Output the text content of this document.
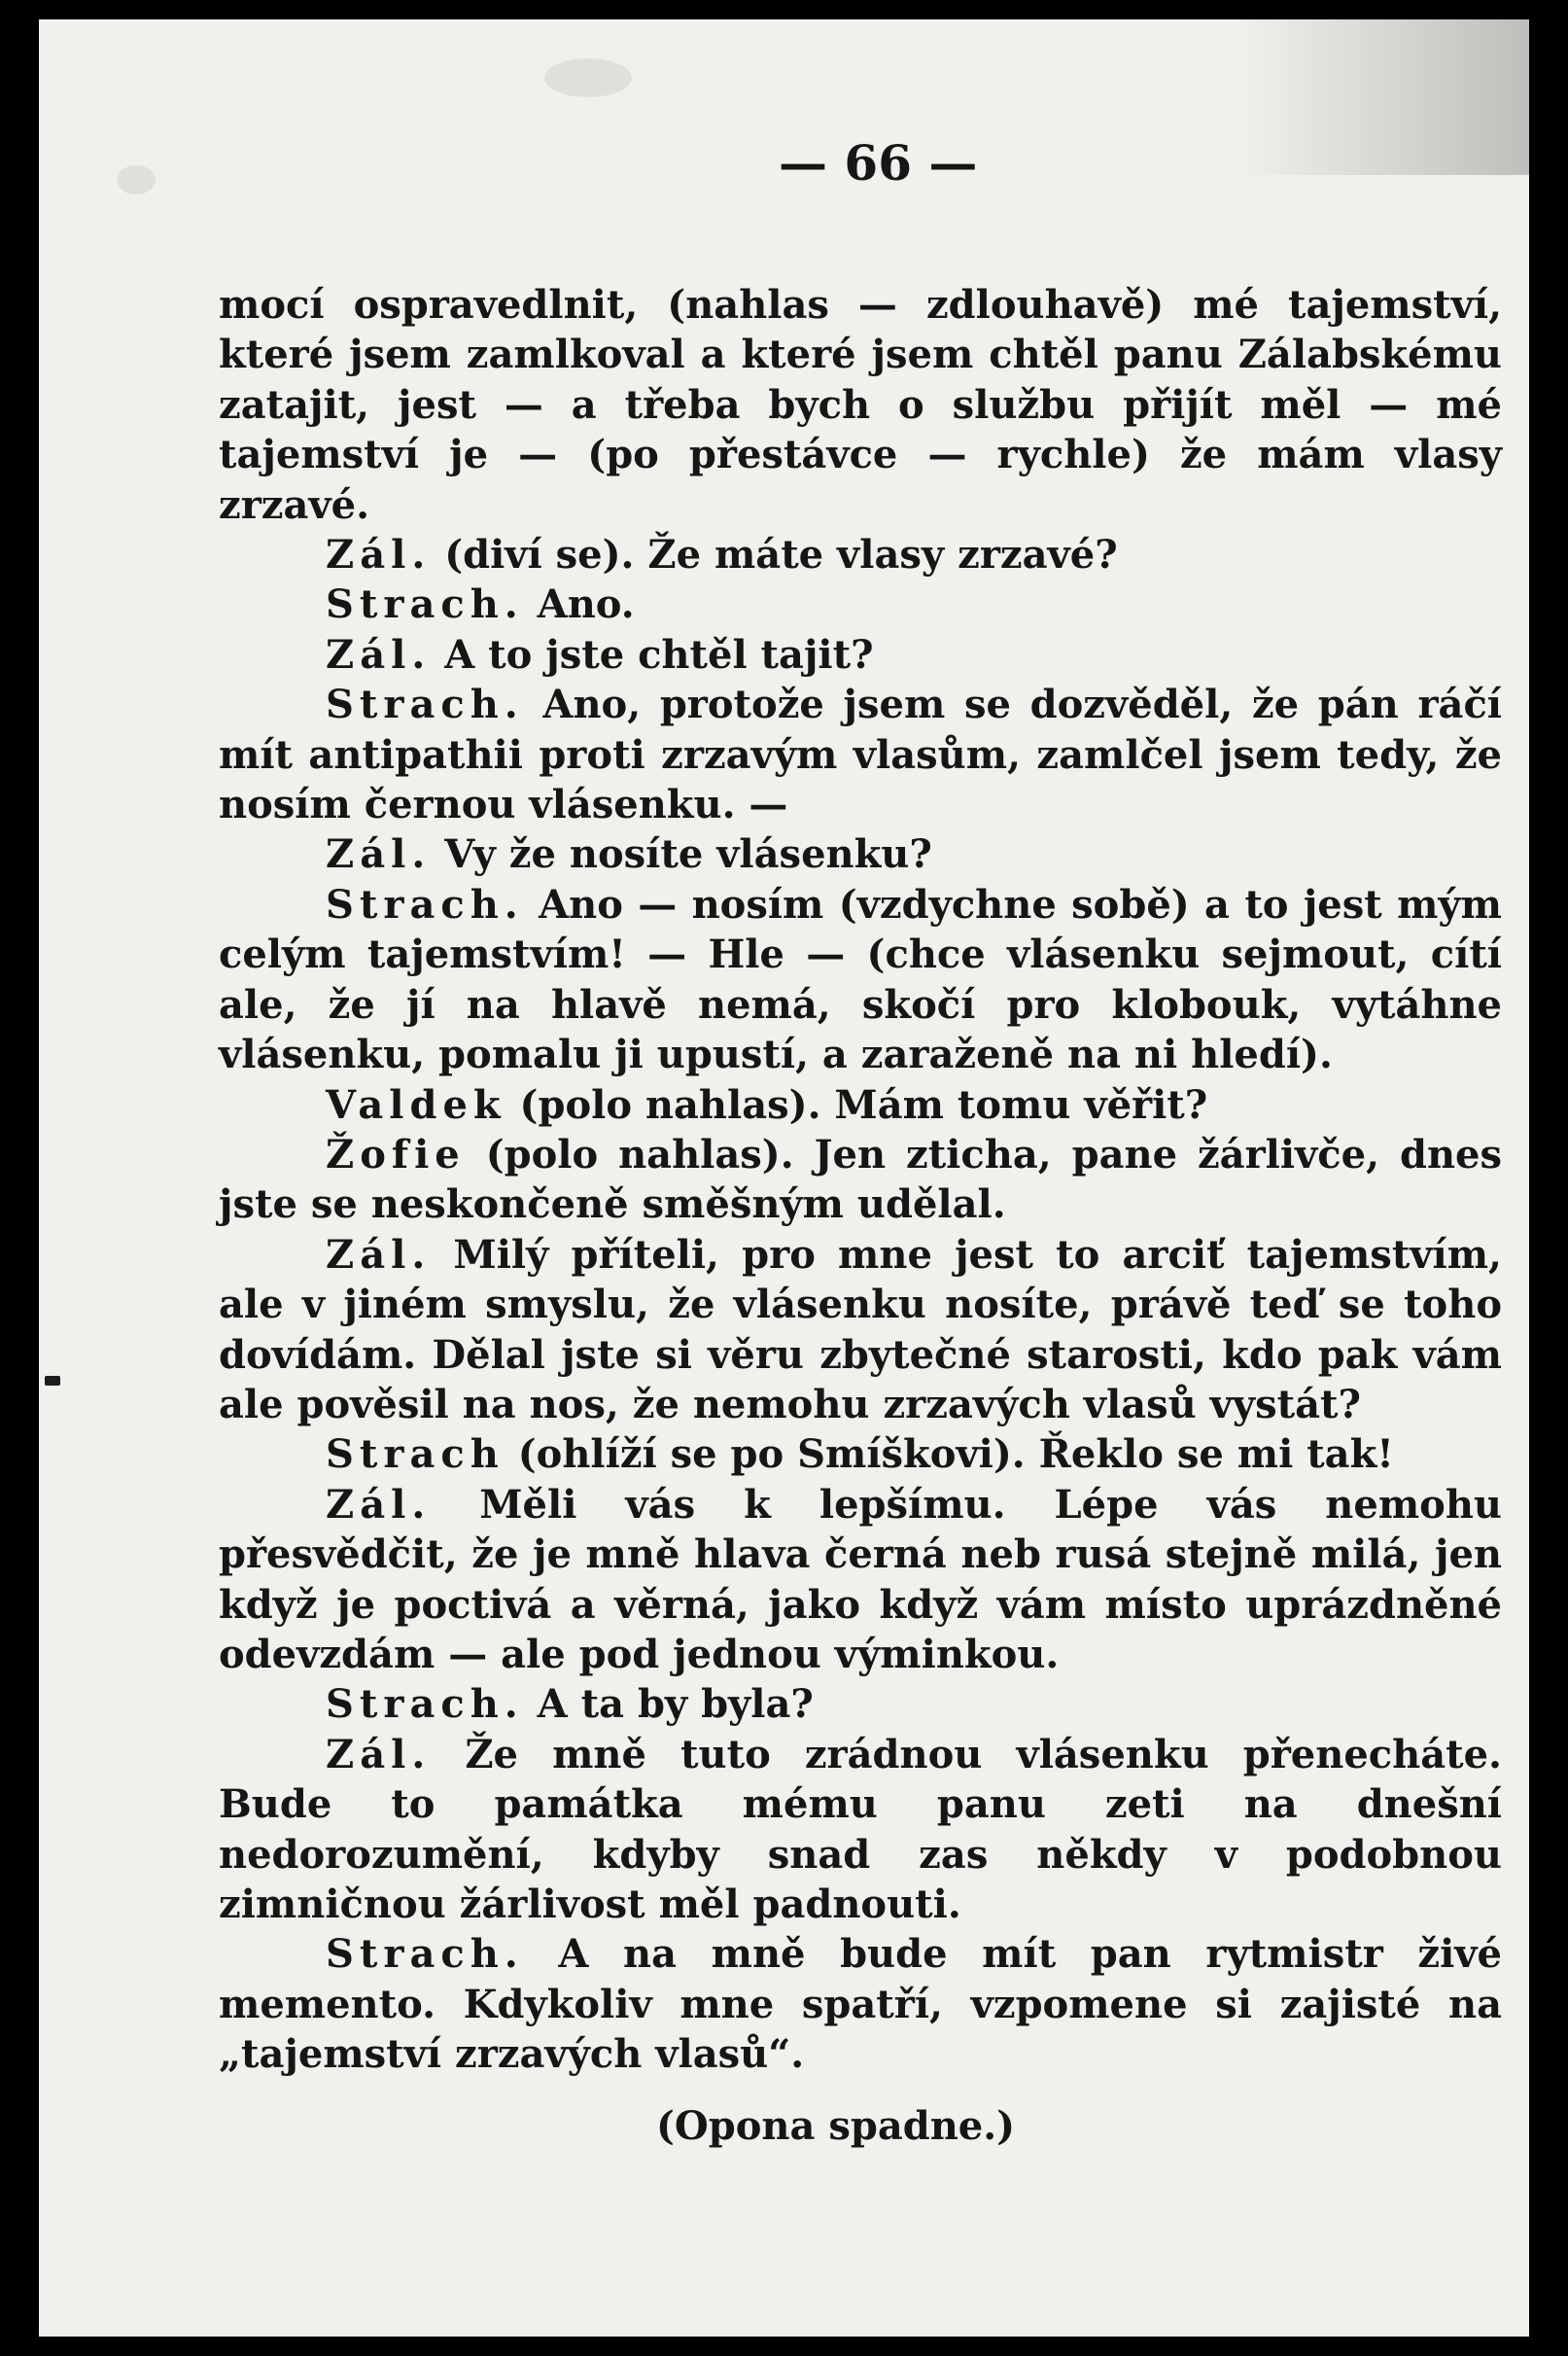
— 66 —

mocí ospravedlnit, (nahlas — zdlouhavě) mé tajemství, které jsem zamlkoval a které jsem chtěl panu Zálabskému zatajit, jest — a třeba bych o službu přijít měl — mé tajemství je — (po přestávce — rychle) že mám vlasy zrzavé.

Zál. (diví se). Že máte vlasy zrzavé?

Strach. Ano.

Zál. A to jste chtěl tajit?

Strach. Ano, protože jsem se dozvěděl, že pán ráčí mít antipathii proti zrzavým vlasům, zamlčel jsem tedy, že nosím černou vlásenku. —

Zál. Vy že nosíte vlásenku?

Strach. Ano — nosím (vzdychne sobě) a to jest mým celým tajemstvím! — Hle — (chce vlásenku sejmout, cítí ale, že jí na hlavě nemá, skočí pro klobouk, vytáhne vlásenku, pomalu ji upustí, a zaraženě na ni hledí).

Valdek (polo nahlas). Mám tomu věřit?

Žofie (polo nahlas). Jen zticha, pane žárlivče, dnes jste se neskončeně směšným udělal.

Zál. Milý příteli, pro mne jest to arciť tajemstvím, ale v jiném smyslu, že vlásenku nosíte, právě teď se toho dovídám. Dělal jste si věru zbytečné starosti, kdo pak vám ale pověsil na nos, že nemohu zrzavých vlasů vystát?

Strach (ohlíží se po Smíškovi). Řeklo se mi tak!

Zál. Měli vás k lepšímu. Lépe vás nemohu přesvědčit, že je mně hlava černá neb rusá stejně milá, jen když je poctivá a věrná, jako když vám místo uprázdněné odevzdám — ale pod jednou výminkou.

Strach. A ta by byla?

Zál. Že mně tuto zrádnou vlásenku přenecháte. Bude to památka mému panu zeti na dnešní nedorozumění, kdyby snad zas někdy v podobnou zimničnou žárlivost měl padnouti.

Strach. A na mně bude mít pan rytmistr živé memento. Kdykoliv mne spatří, vzpomene si zajisté na „tajemství zrzavých vlasů“.

(Opona spadne.)
